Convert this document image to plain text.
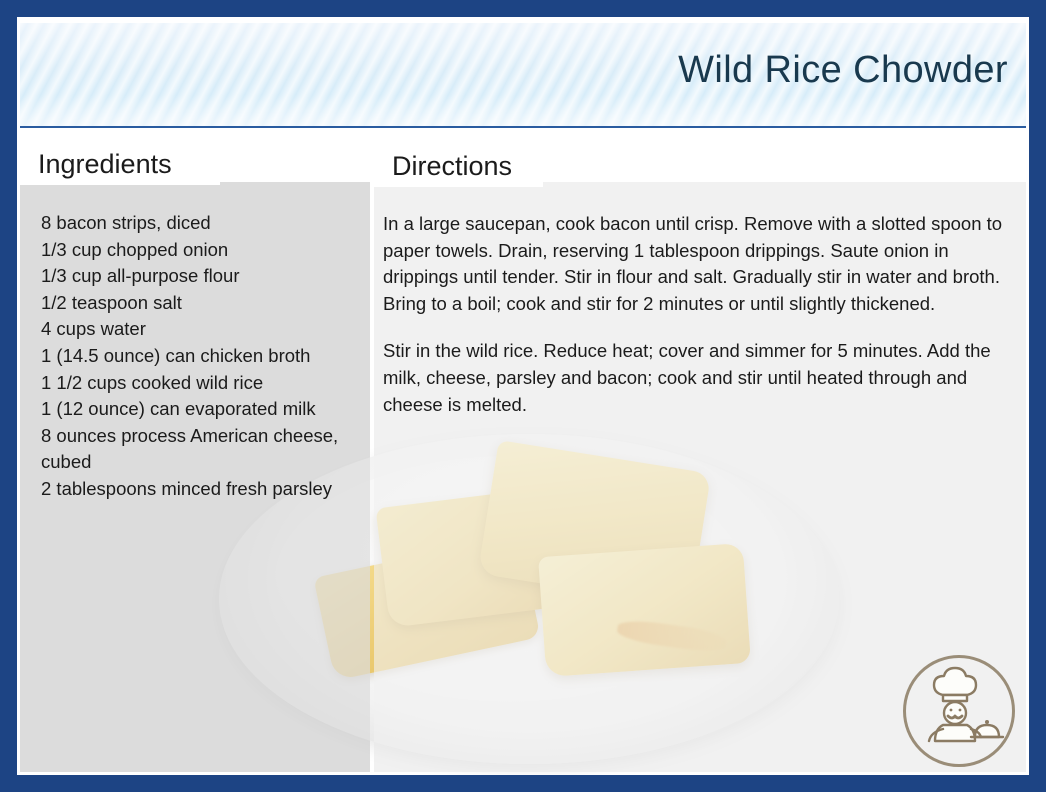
Wild Rice Chowder
Ingredients	Directions
8 bacon strips, diced
1/3 cup chopped onion
1/3 cup all-purpose flour
1/2 teaspoon salt
4 cups water
1 (14.5 ounce) can chicken broth
1 1/2 cups cooked wild rice
1 (12 ounce) can evaporated milk
8 ounces process American cheese, cubed
2 tablespoons minced fresh parsley

In a large saucepan, cook bacon until crisp. Remove with a slotted spoon to paper towels. Drain, reserving 1 tablespoon drippings. Saute onion in drippings until tender. Stir in flour and salt. Gradually stir in water and broth. Bring to a boil; cook and stir for 2 minutes or until slightly thickened.

Stir in the wild rice. Reduce heat; cover and simmer for 5 minutes. Add the milk, cheese, parsley and bacon; cook and stir until heated through and cheese is melted.
